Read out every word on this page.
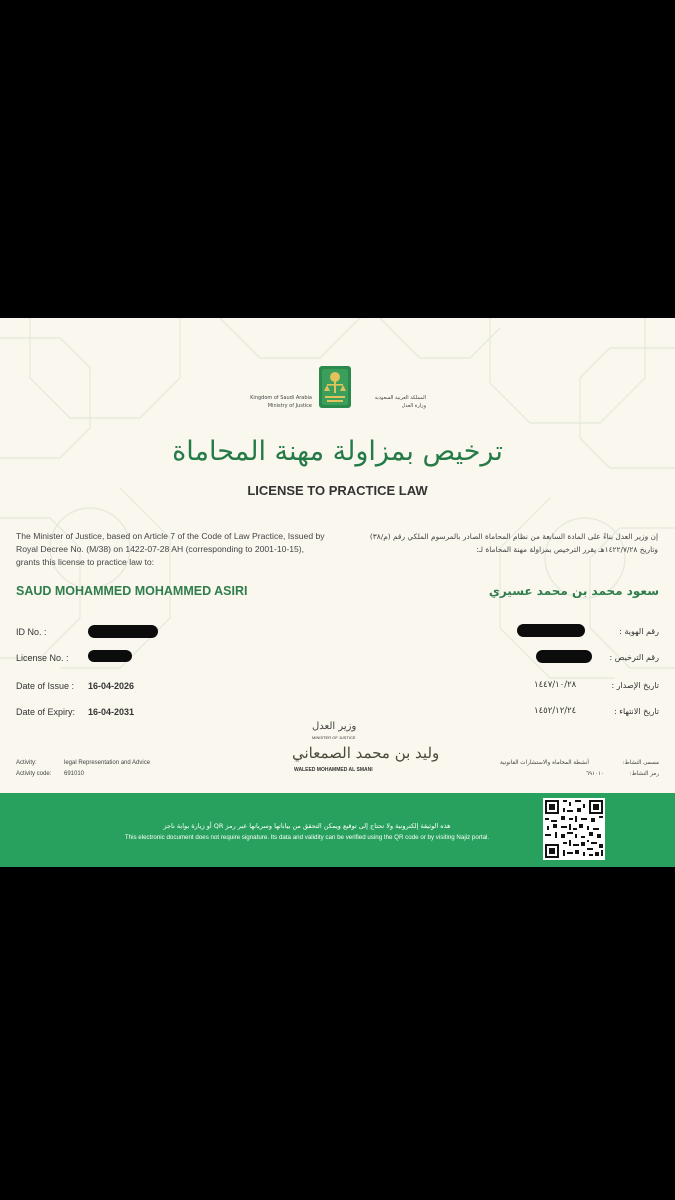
Kingdom of Saudi Arabia
Ministry of Justice
المملكة العربية السعودية
وزارة العدل
ترخيص بمزاولة مهنة المحاماة
LICENSE TO PRACTICE LAW
The Minister of Justice, based on Article 7 of the Code of Law Practice, Issued by Royal Decree No. (M/38) on 1422-07-28 AH (corresponding to 2001-10-15), grants this license to practice law to:
إن وزير العدل بناءً على المادة السابعة من نظام المحاماة الصادر بالمرسوم الملكي رقم (م/٣٨) وتاريخ ١٤٢٢/٧/٢٨هـ يقرر الترخيص بمزاولة مهنة المحاماة لـ:
SAUD MOHAMMED MOHAMMED ASIRI	سعود محمد بن محمد عسيري
ID No. :
License No. :
Date of Issue : 16-04-2026
Date of Expiry: 16-04-2031
رقم الهوية :
رقم الترخيص :
تاريخ الإصدار :
١٤٤٧/١٠/٢٨
تاريخ الانتهاء :
١٤٥٢/١٢/٢٤
Activity:	legal Representation and Advice
Activity code: 691010
مسمى النشاط:
أنشطة المحاماة والاستشارات القانونية
رمز النشاط:
٦٩١٠١٠
وزير العدل
MINISTER OF JUSTICE
وليد بن محمد الصمعاني
WALEED MOHAMMED AL SMANI
هذه الوثيقة إلكترونية ولا تحتاج إلى توقيع ويمكن التحقق من بياناتها وسريانها عبر رمز QR أو زيارة بوابة ناجز
This electronic document does not require signature. Its data and validity can be verified using the QR code or by visiting Najiz portal.
